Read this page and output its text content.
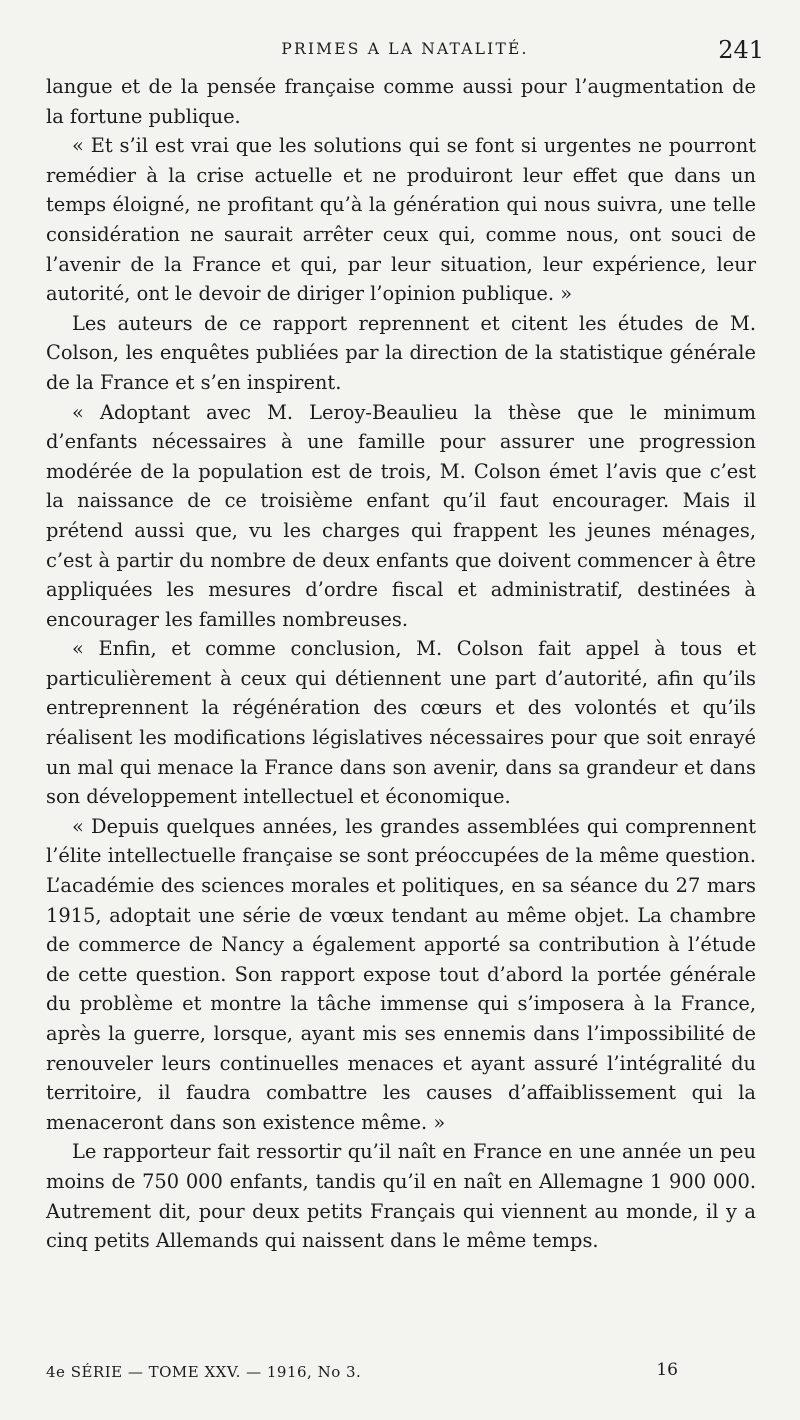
PRIMES A LA NATALITÉ.	241

langue et de la pensée française comme aussi pour l’augmentation de la fortune publique.

« Et s’il est vrai que les solutions qui se font si urgentes ne pourront remédier à la crise actuelle et ne produiront leur effet que dans un temps éloigné, ne profitant qu’à la génération qui nous suivra, une telle considération ne saurait arrêter ceux qui, comme nous, ont souci de l’avenir de la France et qui, par leur situation, leur expérience, leur autorité, ont le devoir de diriger l’opinion publique. »

Les auteurs de ce rapport reprennent et citent les études de M. Colson, les enquêtes publiées par la direction de la statistique générale de la France et s’en inspirent.

« Adoptant avec M. Leroy-Beaulieu la thèse que le minimum d’enfants nécessaires à une famille pour assurer une progression modérée de la population est de trois, M. Colson émet l’avis que c’est la naissance de ce troisième enfant qu’il faut encourager. Mais il prétend aussi que, vu les charges qui frappent les jeunes ménages, c’est à partir du nombre de deux enfants que doivent commencer à être appliquées les mesures d’ordre fiscal et administratif, destinées à encourager les familles nombreuses.

« Enfin, et comme conclusion, M. Colson fait appel à tous et particulièrement à ceux qui détiennent une part d’autorité, afin qu’ils entreprennent la régénération des cœurs et des volontés et qu’ils réalisent les modifications législatives nécessaires pour que soit enrayé un mal qui menace la France dans son avenir, dans sa grandeur et dans son développement intellectuel et économique.

« Depuis quelques années, les grandes assemblées qui comprennent l’élite intellectuelle française se sont préoccupées de la même question. L’académie des sciences morales et politiques, en sa séance du 27 mars 1915, adoptait une série de vœux tendant au même objet. La chambre de commerce de Nancy a également apporté sa contribution à l’étude de cette question. Son rapport expose tout d’abord la portée générale du problème et montre la tâche immense qui s’imposera à la France, après la guerre, lorsque, ayant mis ses ennemis dans l’impossibilité de renouveler leurs continuelles menaces et ayant assuré l’intégralité du territoire, il faudra combattre les causes d’affaiblissement qui la menaceront dans son existence même. »

Le rapporteur fait ressortir qu’il naît en France en une année un peu moins de 750 000 enfants, tandis qu’il en naît en Allemagne 1 900 000. Autrement dit, pour deux petits Français qui viennent au monde, il y a cinq petits Allemands qui naissent dans le même temps.

4e SÉRIE — TOME XXV. — 1916, No 3.	16
